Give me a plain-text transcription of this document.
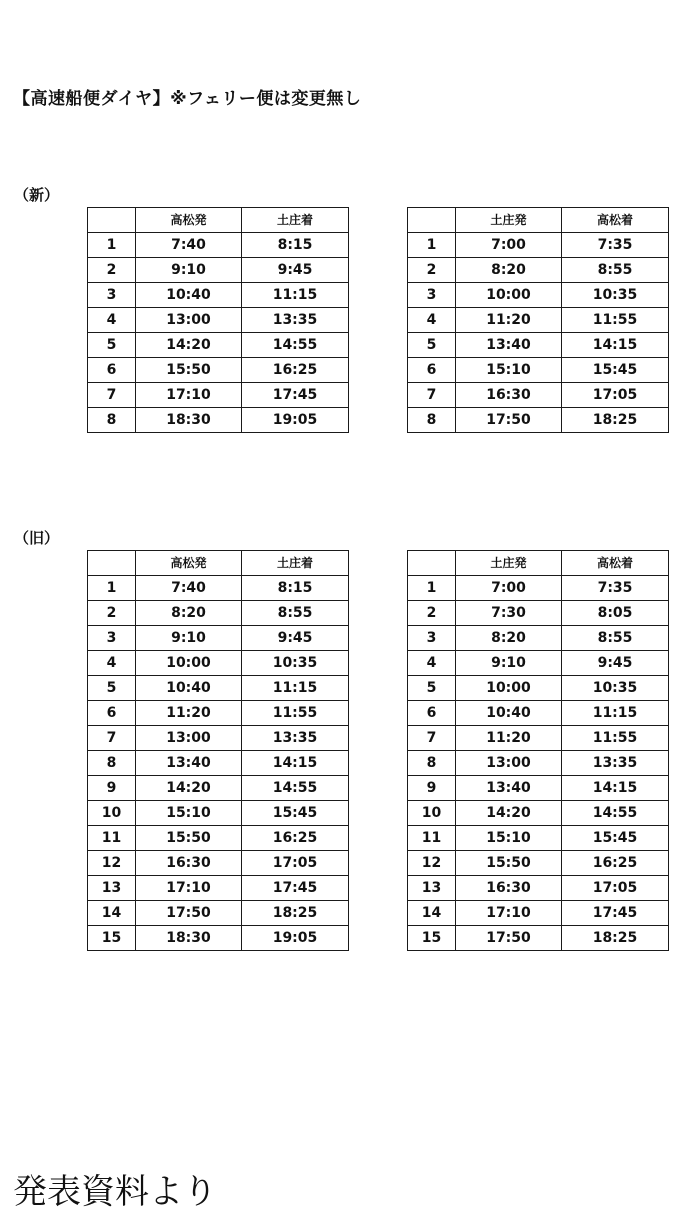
【高速船便ダイヤ】※フェリー便は変更無し
（新）
	高松発	土庄着
1	7:40	8:15
2	9:10	9:45
3	10:40	11:15
4	13:00	13:35
5	14:20	14:55
6	15:50	16:25
7	17:10	17:45
8	18:30	19:05
	土庄発	高松着
1	7:00	7:35
2	8:20	8:55
3	10:00	10:35
4	11:20	11:55
5	13:40	14:15
6	15:10	15:45
7	16:30	17:05
8	17:50	18:25
（旧）
	高松発	土庄着
1	7:40	8:15
2	8:20	8:55
3	9:10	9:45
4	10:00	10:35
5	10:40	11:15
6	11:20	11:55
7	13:00	13:35
8	13:40	14:15
9	14:20	14:55
10	15:10	15:45
11	15:50	16:25
12	16:30	17:05
13	17:10	17:45
14	17:50	18:25
15	18:30	19:05
	土庄発	高松着
1	7:00	7:35
2	7:30	8:05
3	8:20	8:55
4	9:10	9:45
5	10:00	10:35
6	10:40	11:15
7	11:20	11:55
8	13:00	13:35
9	13:40	14:15
10	14:20	14:55
11	15:10	15:45
12	15:50	16:25
13	16:30	17:05
14	17:10	17:45
15	17:50	18:25
発表資料より
